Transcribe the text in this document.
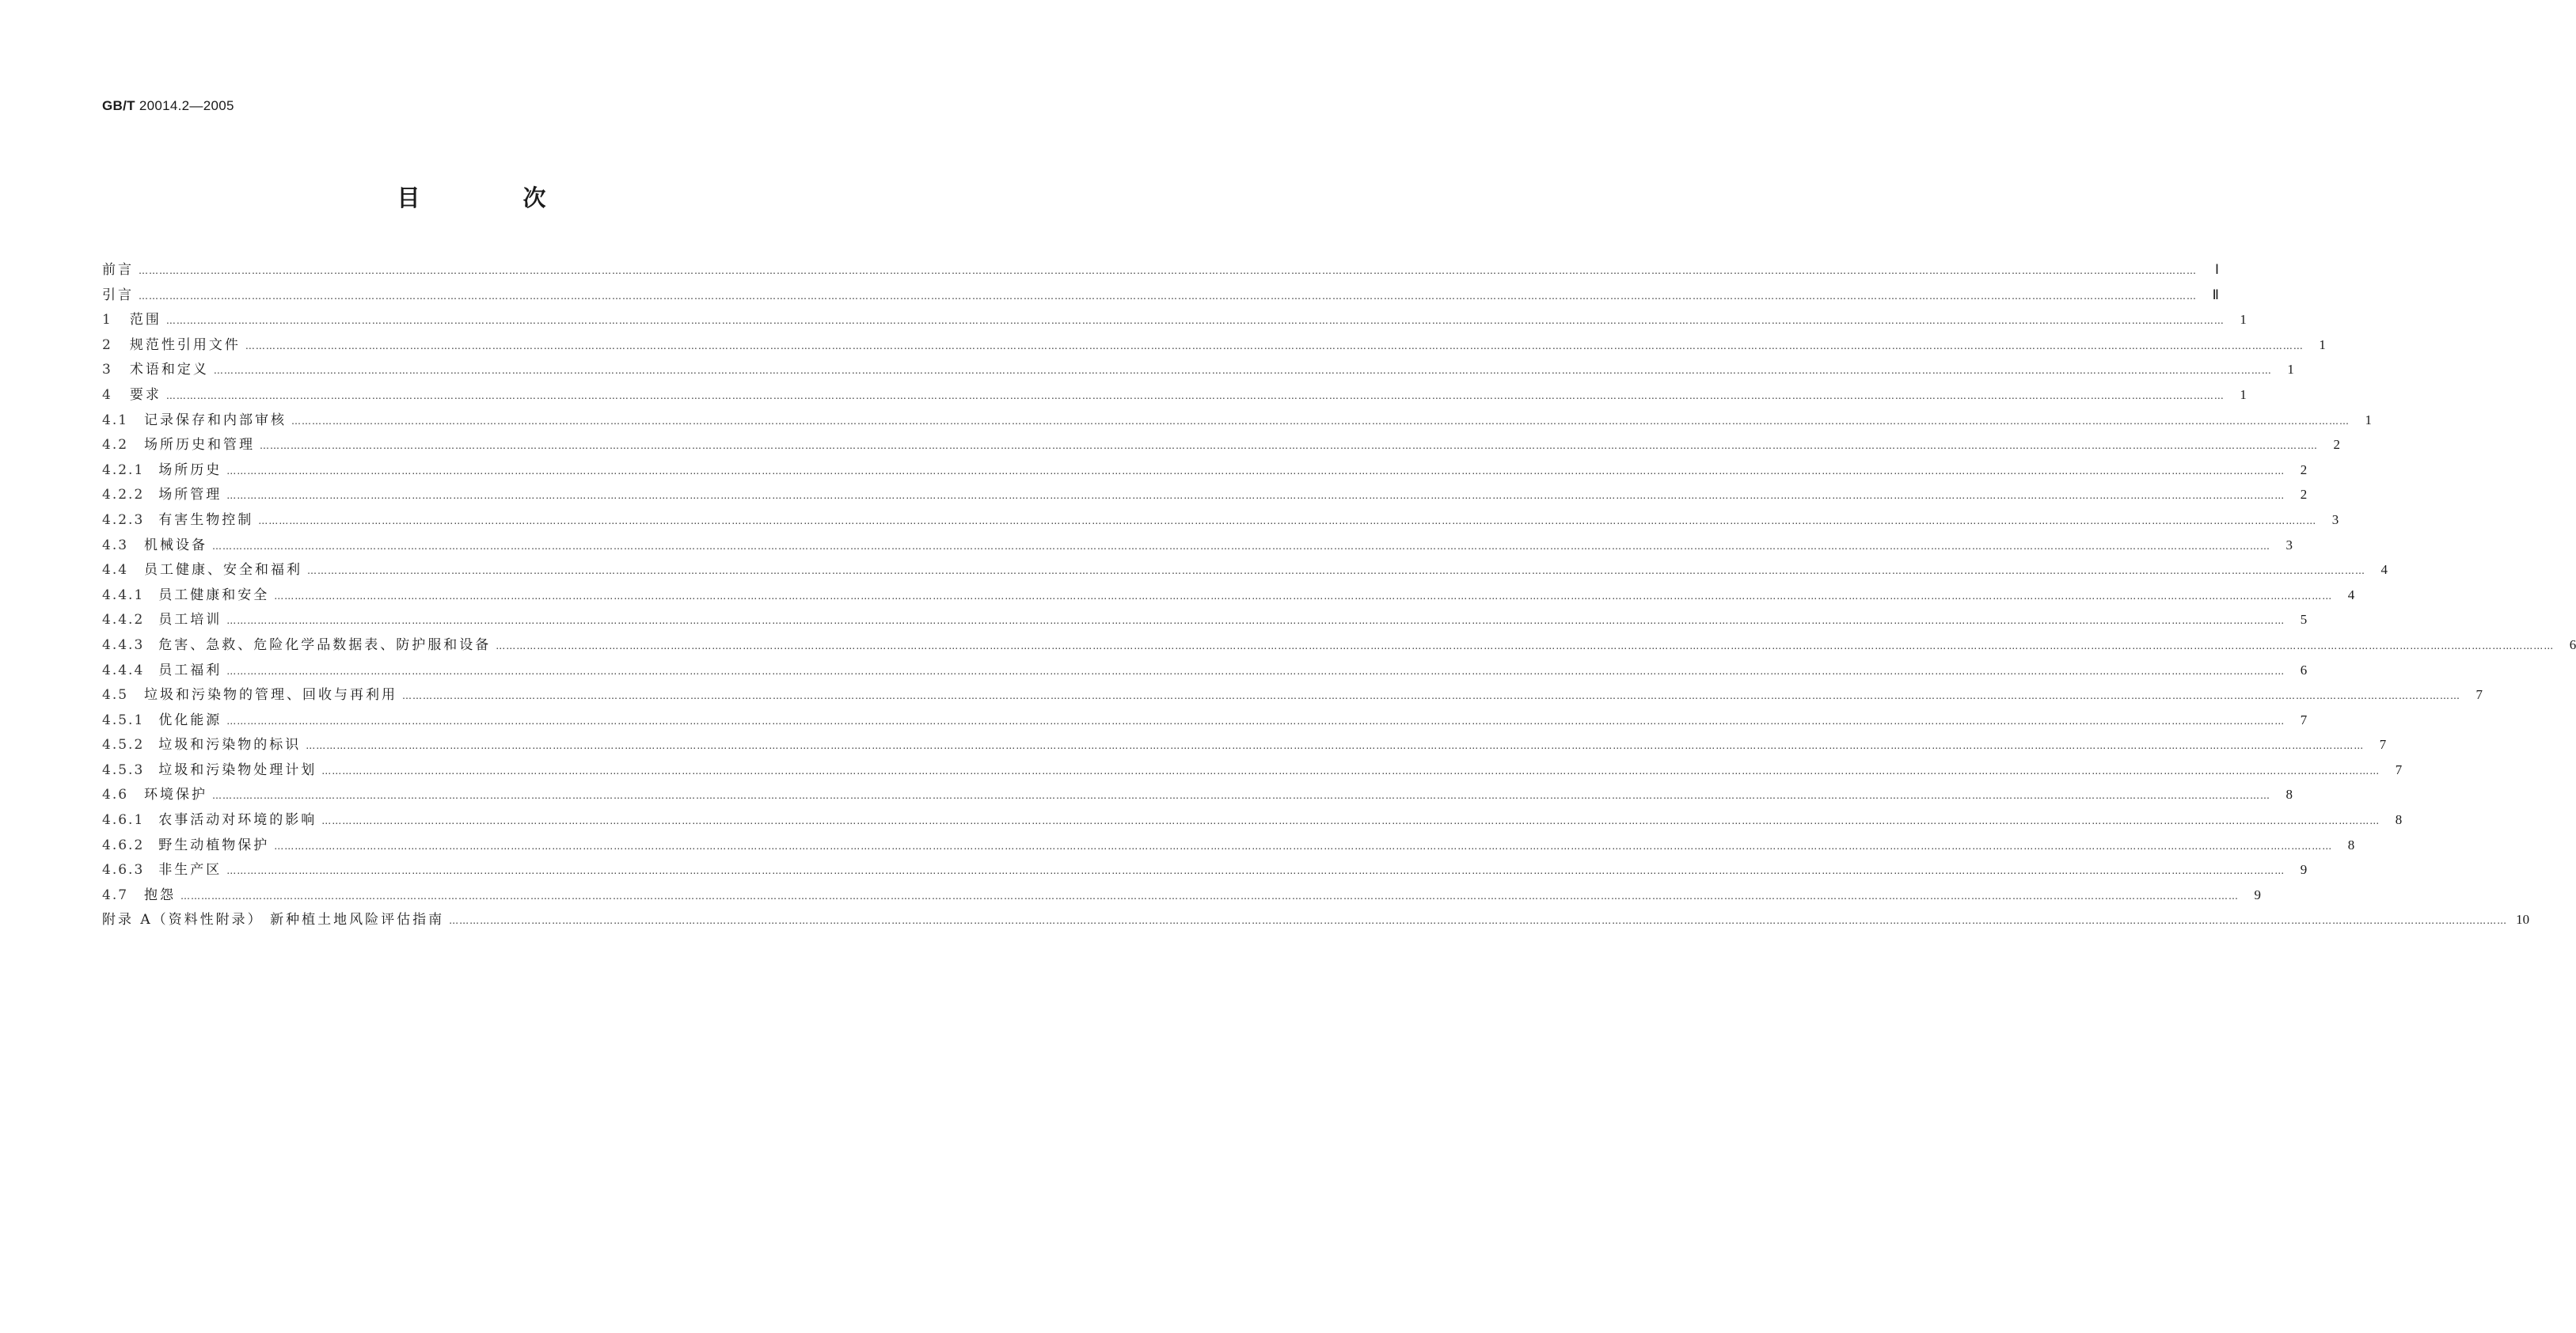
GB/T 20014.2—2005
目 次
前言 ……………………………………………………………………………………………………………………………………………………………………………………………………………………………………………………………………………………………………………………………………………………………………………………………………………………………………………………………………………………………………………………………………………………	Ⅰ
引言 ……………………………………………………………………………………………………………………………………………………………………………………………………………………………………………………………………………………………………………………………………………………………………………………………………………………………………………………………………………………………………………………………………………………	Ⅱ
1 范围 ……………………………………………………………………………………………………………………………………………………………………………………………………………………………………………………………………………………………………………………………………………………………………………………………………………………………………………………………………………………………………………………………………………………	1
2 规范性引用文件 ……………………………………………………………………………………………………………………………………………………………………………………………………………………………………………………………………………………………………………………………………………………………………………………………………………………………………………………………………………………………………………………………………………………	1
3 术语和定义 ……………………………………………………………………………………………………………………………………………………………………………………………………………………………………………………………………………………………………………………………………………………………………………………………………………………………………………………………………………………………………………………………………………………	1
4 要求 ……………………………………………………………………………………………………………………………………………………………………………………………………………………………………………………………………………………………………………………………………………………………………………………………………………………………………………………………………………………………………………………………………………………	1
4.1 记录保存和内部审核 ……………………………………………………………………………………………………………………………………………………………………………………………………………………………………………………………………………………………………………………………………………………………………………………………………………………………………………………………………………………………………………………………………………………	1
4.2 场所历史和管理 ……………………………………………………………………………………………………………………………………………………………………………………………………………………………………………………………………………………………………………………………………………………………………………………………………………………………………………………………………………………………………………………………………………………	2
4.2.1 场所历史 ……………………………………………………………………………………………………………………………………………………………………………………………………………………………………………………………………………………………………………………………………………………………………………………………………………………………………………………………………………………………………………………………………………………	2
4.2.2 场所管理 ……………………………………………………………………………………………………………………………………………………………………………………………………………………………………………………………………………………………………………………………………………………………………………………………………………………………………………………………………………………………………………………………………………………	2
4.2.3 有害生物控制 ……………………………………………………………………………………………………………………………………………………………………………………………………………………………………………………………………………………………………………………………………………………………………………………………………………………………………………………………………………………………………………………………………………………	3
4.3 机械设备 ……………………………………………………………………………………………………………………………………………………………………………………………………………………………………………………………………………………………………………………………………………………………………………………………………………………………………………………………………………………………………………………………………………………	3
4.4 员工健康、安全和福利 ……………………………………………………………………………………………………………………………………………………………………………………………………………………………………………………………………………………………………………………………………………………………………………………………………………………………………………………………………………………………………………………………………………………	4
4.4.1 员工健康和安全 ……………………………………………………………………………………………………………………………………………………………………………………………………………………………………………………………………………………………………………………………………………………………………………………………………………………………………………………………………………………………………………………………………………………	4
4.4.2 员工培训 ……………………………………………………………………………………………………………………………………………………………………………………………………………………………………………………………………………………………………………………………………………………………………………………………………………………………………………………………………………………………………………………………………………………	5
4.4.3 危害、急救、危险化学品数据表、防护服和设备 ……………………………………………………………………………………………………………………………………………………………………………………………………………………………………………………………………………………………………………………………………………………………………………………………………………………………………………………………………………………………………………………………………………………	6
4.4.4 员工福利 ……………………………………………………………………………………………………………………………………………………………………………………………………………………………………………………………………………………………………………………………………………………………………………………………………………………………………………………………………………………………………………………………………………………	6
4.5 垃圾和污染物的管理、回收与再利用 ……………………………………………………………………………………………………………………………………………………………………………………………………………………………………………………………………………………………………………………………………………………………………………………………………………………………………………………………………………………………………………………………………………………	7
4.5.1 优化能源 ……………………………………………………………………………………………………………………………………………………………………………………………………………………………………………………………………………………………………………………………………………………………………………………………………………………………………………………………………………………………………………………………………………………	7
4.5.2 垃圾和污染物的标识 ……………………………………………………………………………………………………………………………………………………………………………………………………………………………………………………………………………………………………………………………………………………………………………………………………………………………………………………………………………………………………………………………………………………	7
4.5.3 垃圾和污染物处理计划 ……………………………………………………………………………………………………………………………………………………………………………………………………………………………………………………………………………………………………………………………………………………………………………………………………………………………………………………………………………………………………………………………………………………	7
4.6 环境保护 ……………………………………………………………………………………………………………………………………………………………………………………………………………………………………………………………………………………………………………………………………………………………………………………………………………………………………………………………………………………………………………………………………………………	8
4.6.1 农事活动对环境的影响 ……………………………………………………………………………………………………………………………………………………………………………………………………………………………………………………………………………………………………………………………………………………………………………………………………………………………………………………………………………………………………………………………………………………	8
4.6.2 野生动植物保护 ……………………………………………………………………………………………………………………………………………………………………………………………………………………………………………………………………………………………………………………………………………………………………………………………………………………………………………………………………………………………………………………………………………………	8
4.6.3 非生产区 ……………………………………………………………………………………………………………………………………………………………………………………………………………………………………………………………………………………………………………………………………………………………………………………………………………………………………………………………………………………………………………………………………………………	9
4.7 抱怨 ……………………………………………………………………………………………………………………………………………………………………………………………………………………………………………………………………………………………………………………………………………………………………………………………………………………………………………………………………………………………………………………………………………………	9
附录 A（资料性附录） 新种植土地风险评估指南 …………………………………………………………………………………………………………………………………………………………………………………………………………………………………………………………………………………………………………………………………………………………………………………………………………………………………………………………………………………………………………………………………………………… 10
